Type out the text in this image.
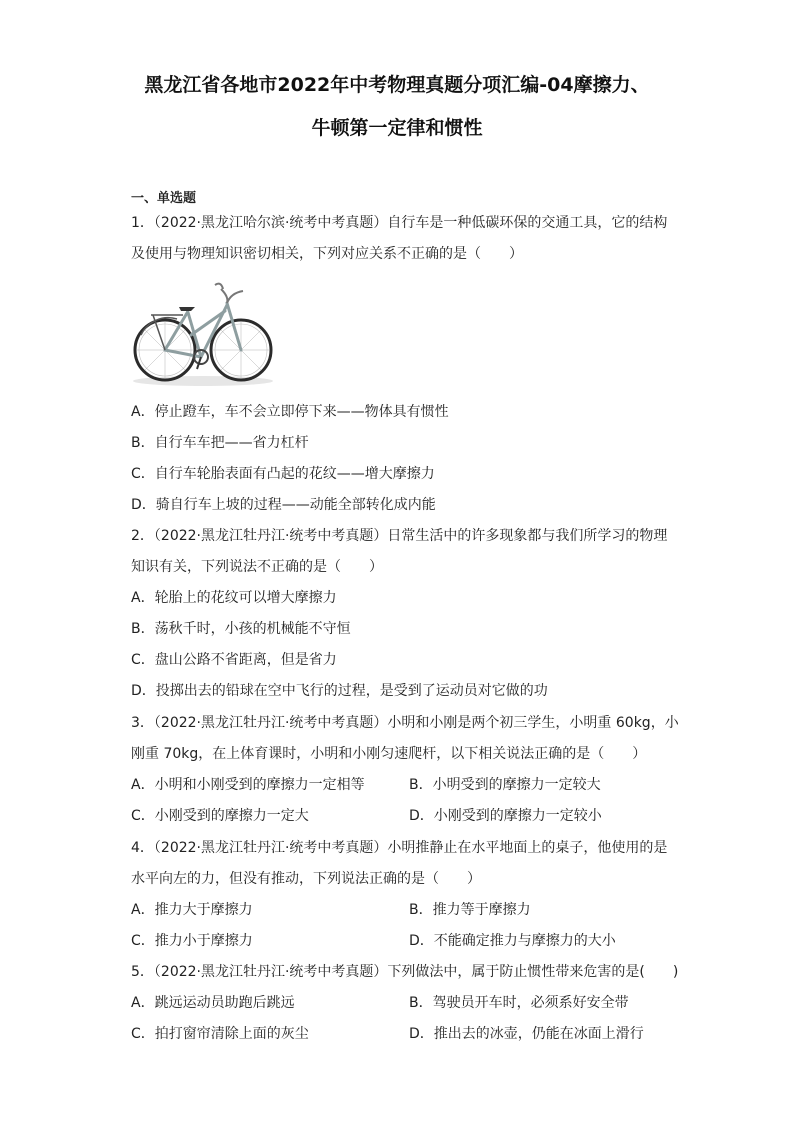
黑龙江省各地市2022年中考物理真题分项汇编-04摩擦力、
牛顿第一定律和惯性
一、单选题
1．（2022·黑龙江哈尔滨·统考中考真题）自行车是一种低碳环保的交通工具，它的结构
及使用与物理知识密切相关，下列对应关系不正确的是（　　）
A．停止蹬车，车不会立即停下来——物体具有惯性
B．自行车车把——省力杠杆
C．自行车轮胎表面有凸起的花纹——增大摩擦力
D．骑自行车上坡的过程——动能全部转化成内能
2．（2022·黑龙江牡丹江·统考中考真题）日常生活中的许多现象都与我们所学习的物理
知识有关，下列说法不正确的是（　　）
A．轮胎上的花纹可以增大摩擦力
B．荡秋千时，小孩的机械能不守恒
C．盘山公路不省距离，但是省力
D．投掷出去的铅球在空中飞行的过程，是受到了运动员对它做的功
3．（2022·黑龙江牡丹江·统考中考真题）小明和小刚是两个初三学生，小明重 60kg，小
刚重 70kg，在上体育课时，小明和小刚匀速爬杆，以下相关说法正确的是（　　）
A．小明和小刚受到的摩擦力一定相等	B．小明受到的摩擦力一定较大
C．小刚受到的摩擦力一定大	D．小刚受到的摩擦力一定较小
4．（2022·黑龙江牡丹江·统考中考真题）小明推静止在水平地面上的桌子，他使用的是
水平向左的力，但没有推动，下列说法正确的是（　　）
A．推力大于摩擦力	B．推力等于摩擦力
C．推力小于摩擦力	D．不能确定推力与摩擦力的大小
5．（2022·黑龙江牡丹江·统考中考真题）下列做法中，属于防止惯性带来危害的是(　　)
A．跳远运动员助跑后跳远	B．驾驶员开车时，必须系好安全带
C．拍打窗帘清除上面的灰尘	D．推出去的冰壶，仍能在冰面上滑行
